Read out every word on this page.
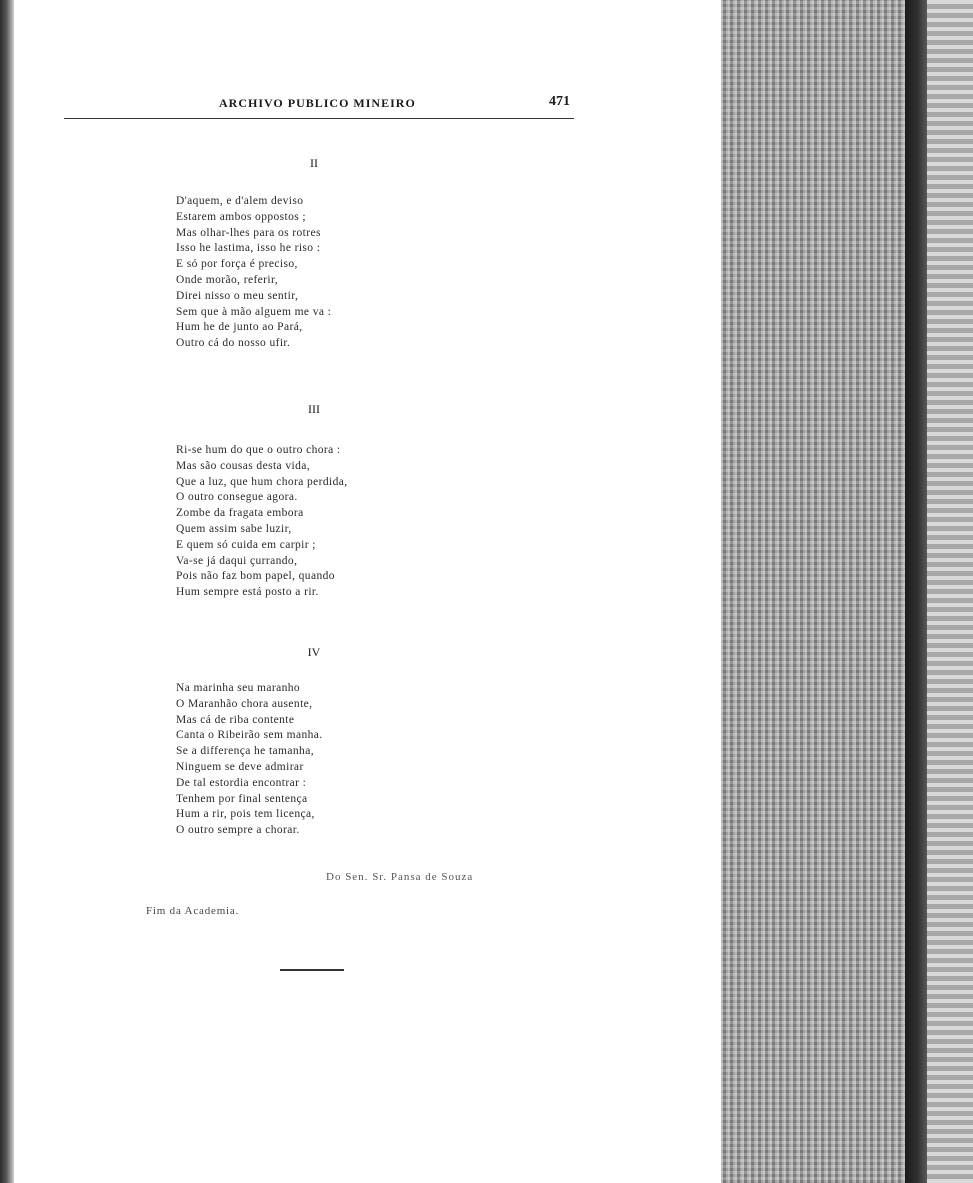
ARCHIVO PUBLICO MINEIRO	471
II
D'aquem, e d'alem deviso
Estarem ambos oppostos ;
Mas olhar-lhes para os rotres
Isso he lastima, isso he riso :
E só por força é preciso,
Onde morão, referir,
Direi nisso o meu sentir,
Sem que à mão alguem me va :
Hum he de junto ao Pará,
Outro cá do nosso ufir.
III
Ri-se hum do que o outro chora :
Mas são cousas desta vida,
Que a luz, que hum chora perdida,
O outro consegue agora.
Zombe da fragata embora
Quem assim sabe luzir,
E quem só cuida em carpir ;
Va-se já daqui çurrando,
Pois não faz bom papel, quando
Hum sempre está posto a rir.
IV
Na marinha seu maranho
O Maranhão chora ausente,
Mas cá de riba contente
Canta o Ribeirão sem manha.
Se a differença he tamanha,
Ninguem se deve admirar
De tal estordia encontrar :
Tenhem por final sentença
Hum a rir, pois tem licença,
O outro sempre a chorar.
Do Sen. Sr. Pansa de Souza
Fim da Academia.
